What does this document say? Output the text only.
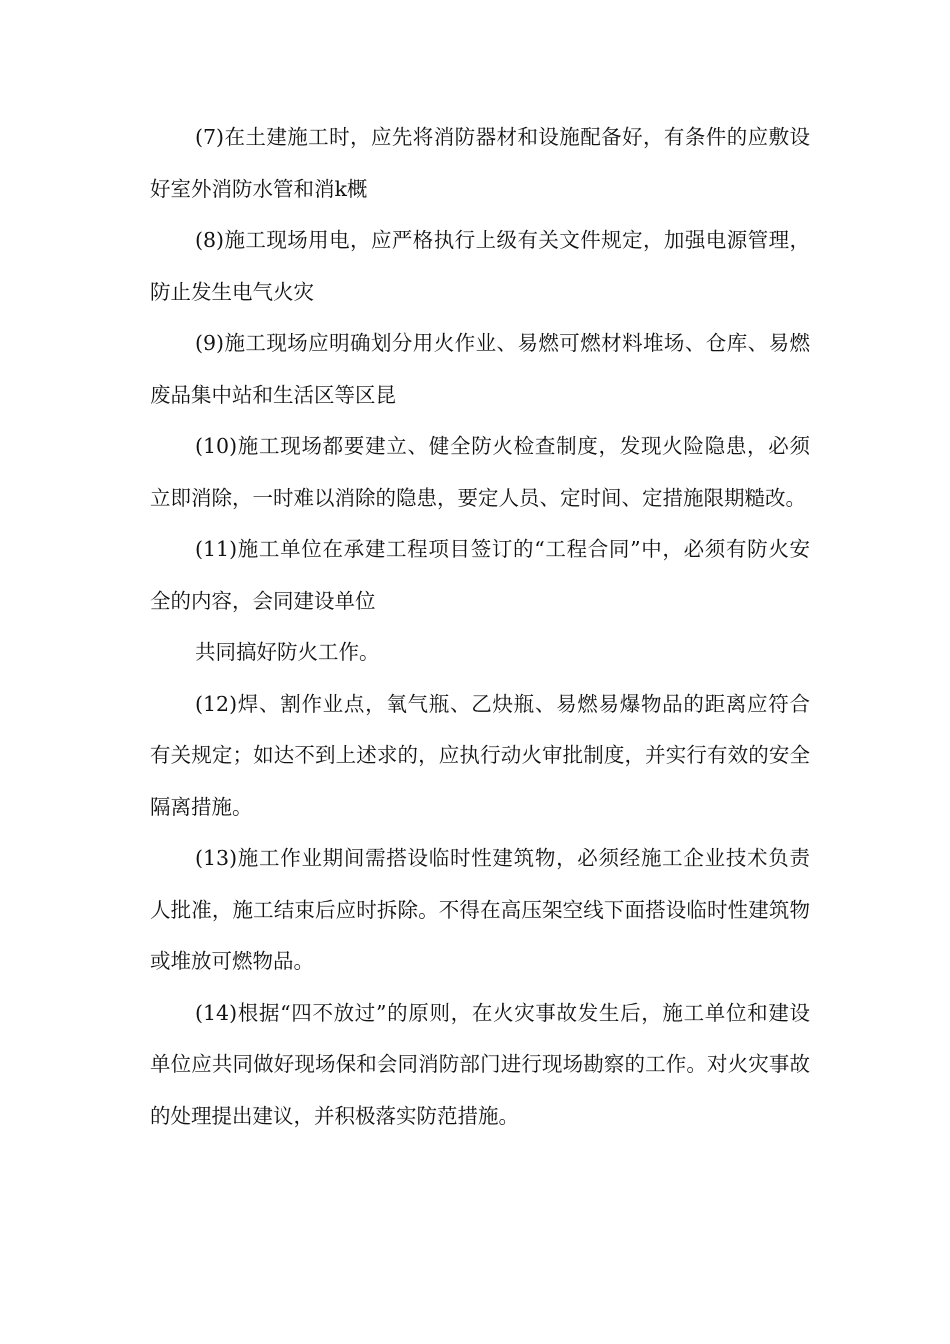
(7)在土建施工时，应先将消防器材和设施配备好，有条件的应敷设好室外消防水管和消k概

(8)施工现场用电，应严格执行上级有关文件规定，加强电源管理，防止发生电气火灾

(9)施工现场应明确划分用火作业、易燃可燃材料堆场、仓库、易燃废品集中站和生活区等区昆

(10)施工现场都要建立、健全防火检查制度，发现火险隐患，必须立即消除，一时难以消除的隐患，要定人员、定时间、定措施限期糙改。

(11)施工单位在承建工程项目签订的“工程合同”中，必须有防火安全的内容，会同建设单位

共同搞好防火工作。

(12)焊、割作业点，氧气瓶、乙炔瓶、易燃易爆物品的距离应符合有关规定；如达不到上述求的，应执行动火审批制度，并实行有效的安全隔离措施。

(13)施工作业期间需搭设临时性建筑物，必须经施工企业技术负责人批准，施工结束后应时拆除。不得在高压架空线下面搭设临时性建筑物或堆放可燃物品。

(14)根据“四不放过”的原则，在火灾事故发生后，施工单位和建设单位应共同做好现场保和会同消防部门进行现场勘察的工作。对火灾事故的处理提出建议，并积极落实防范措施。
